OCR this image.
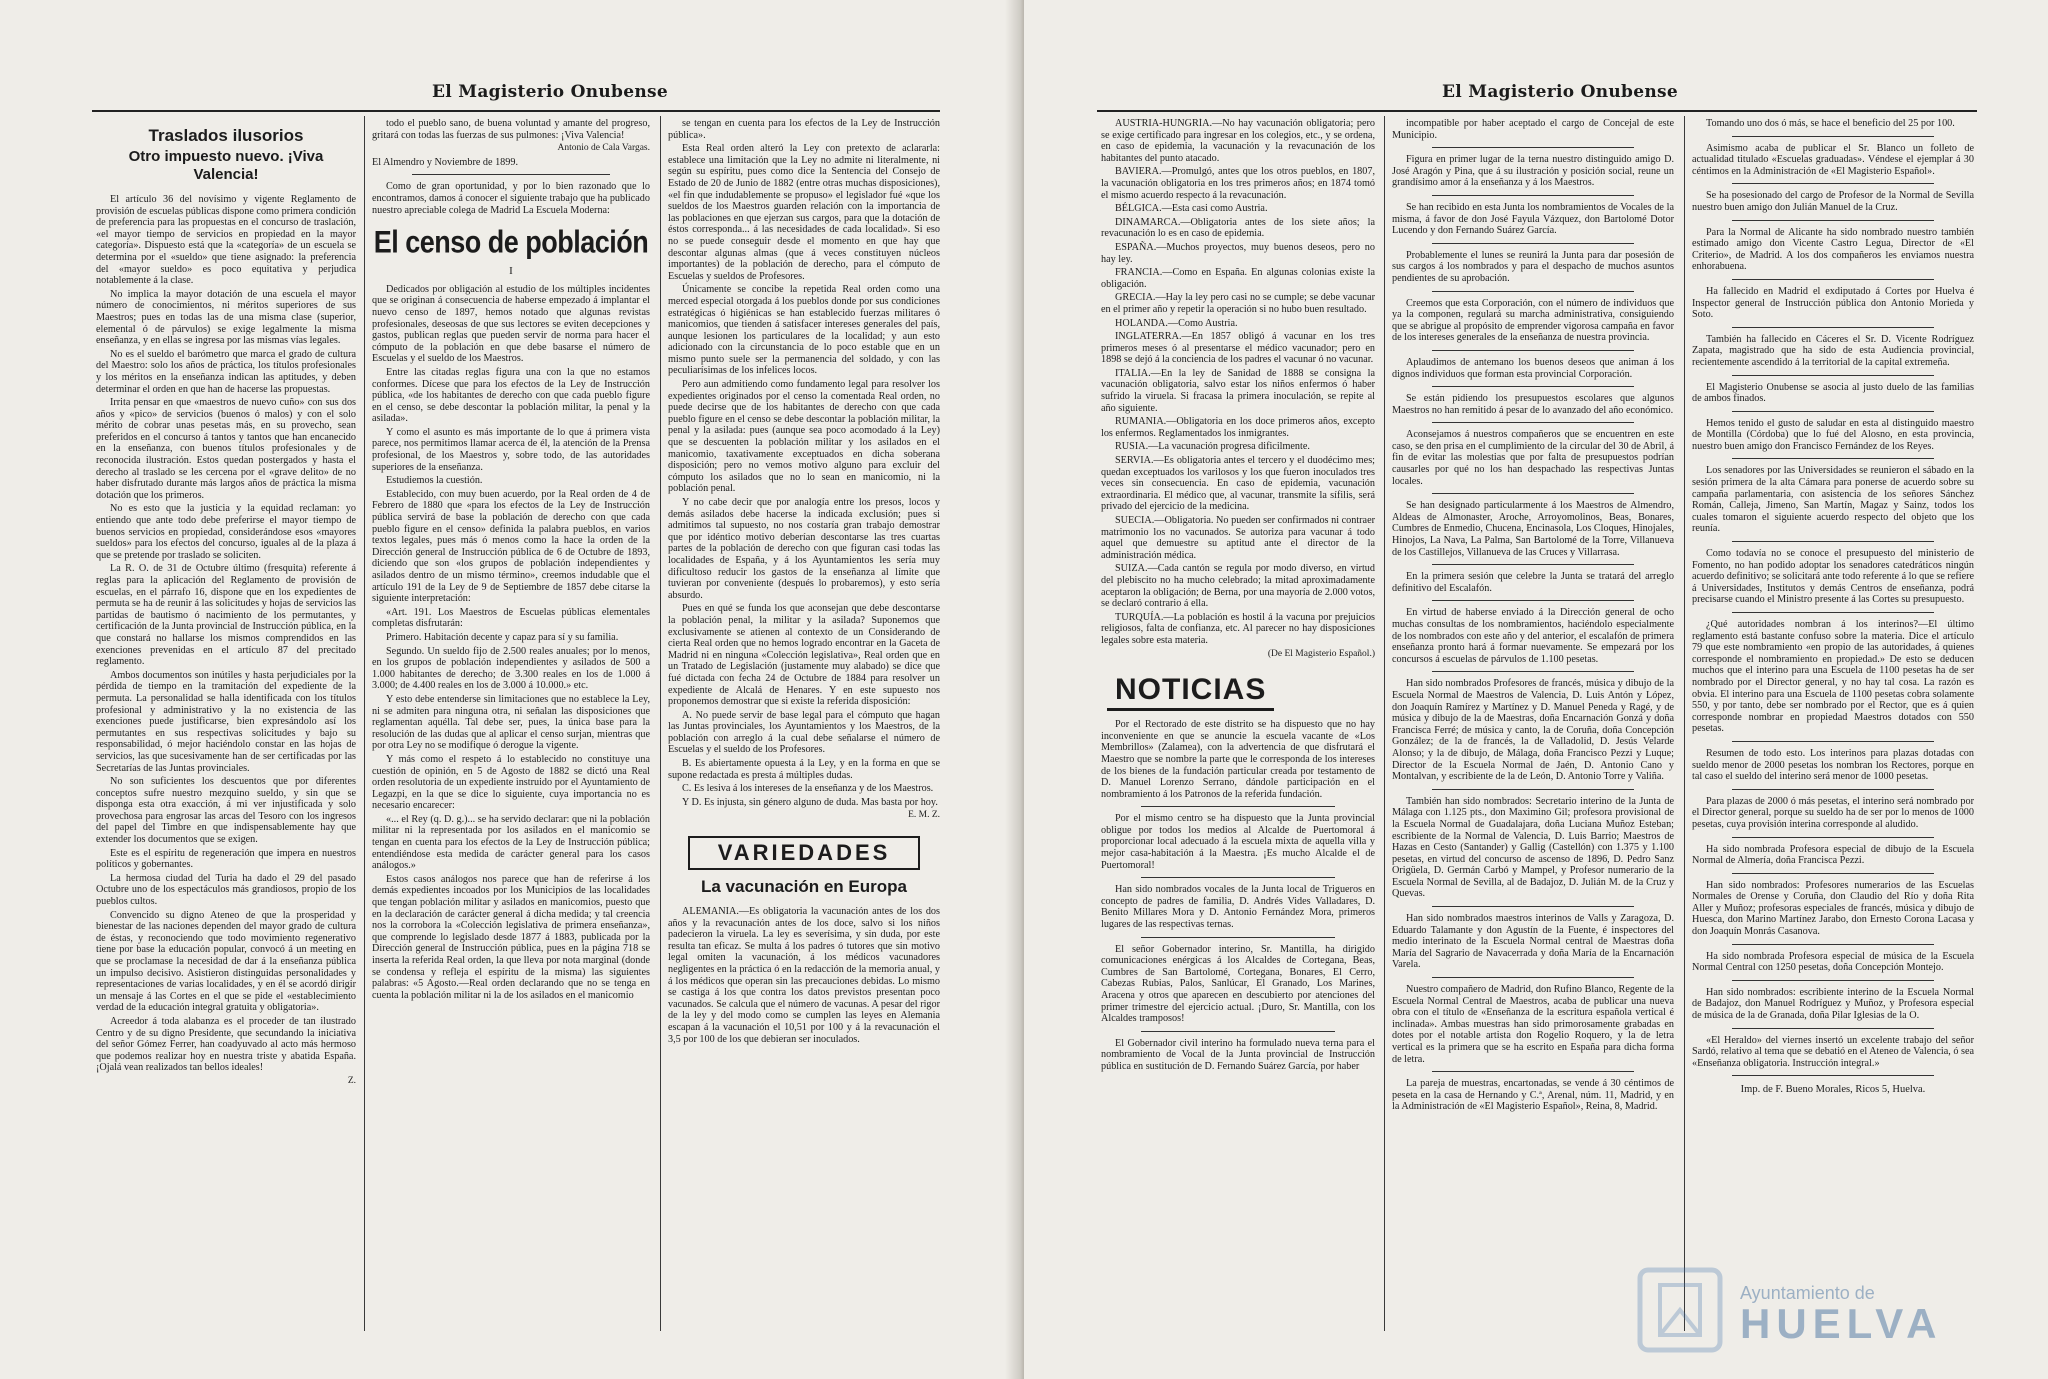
El Magisterio Onubense
Traslados ilusorios
Otro impuesto nuevo. ¡Viva Valencia!

El artículo 36 del novísimo y vigente Reglamento de provisión de escuelas públicas dispone como primera condición de preferencia para las propuestas en el concurso de traslación, «el mayor tiempo de servicios en propiedad en la mayor categoría». Dispuesto está que la «categoría» de un escuela se determina por el «sueldo» que tiene asignado: la preferencia del «mayor sueldo» es poco equitativa y perjudica notablemente á la clase.

No implica la mayor dotación de una escuela el mayor número de conocimientos, ni méritos superiores de sus Maestros; pues en todas las de una misma clase (superior, elemental ó de párvulos) se exige legalmente la misma enseñanza, y en ellas se ingresa por las mismas vías legales.

No es el sueldo el barómetro que marca el grado de cultura del Maestro: solo los años de práctica, los títulos profesionales y los méritos en la enseñanza indican las aptitudes, y deben determinar el orden en que han de hacerse las propuestas.

Irrita pensar en que «maestros de nuevo cuño» con sus dos años y «pico» de servicios (buenos ó malos) y con el solo mérito de cobrar unas pesetas más, en su provecho, sean preferidos en el concurso á tantos y tantos que han encanecido en la enseñanza, con buenos títulos profesionales y de reconocida ilustración. Estos quedan postergados y hasta el derecho al traslado se les cercena por el «grave delito» de no haber disfrutado durante más largos años de práctica la misma dotación que los primeros.

No es esto que la justicia y la equidad reclaman: yo entiendo que ante todo debe preferirse el mayor tiempo de buenos servicios en propiedad, considerándose esos «mayores sueldos» para los efectos del concurso, iguales al de la plaza á que se pretende por traslado se soliciten.

La R. O. de 31 de Octubre último (fresquita) referente á reglas para la aplicación del Reglamento de provisión de escuelas, en el párrafo 16, dispone que en los expedientes de permuta se ha de reunir á las solicitudes y hojas de servicios las partidas de bautismo ó nacimiento de los permutantes, y certificación de la Junta provincial de Instrucción pública, en la que constará no hallarse los mismos comprendidos en las exenciones prevenidas en el artículo 87 del precitado reglamento.

Ambos documentos son inútiles y hasta perjudiciales por la pérdida de tiempo en la tramitación del expediente de la permuta. La personalidad se halla identificada con los títulos profesional y administrativo y la no existencia de las exenciones puede justificarse, bien expresándolo así los permutantes en sus respectivas solicitudes y bajo su responsabilidad, ó mejor haciéndolo constar en las hojas de servicios, las que sucesivamente han de ser certificadas por las Secretarías de las Juntas provinciales.

No son suficientes los descuentos que por diferentes conceptos sufre nuestro mezquino sueldo, y sin que se disponga esta otra exacción, á mi ver injustificada y solo provechosa para engrosar las arcas del Tesoro con los ingresos del papel del Timbre en que indispensablemente hay que extender los documentos que se exigen.

Este es el espíritu de regeneración que impera en nuestros políticos y gobernantes.

La hermosa ciudad del Turia ha dado el 29 del pasado Octubre uno de los espectáculos más grandiosos, propio de los pueblos cultos.

Convencido su digno Ateneo de que la prosperidad y bienestar de las naciones dependen del mayor grado de cultura de éstas, y reconociendo que todo movimiento regenerativo tiene por base la educación popular, convocó á un meeting en que se proclamase la necesidad de dar á la enseñanza pública un impulso decisivo. Asistieron distinguidas personalidades y representaciones de varias localidades, y en él se acordó dirigir un mensaje á las Cortes en el que se pide el «establecimiento verdad de la educación integral gratuita y obligatoria».

Acreedor á toda alabanza es el proceder de tan ilustrado Centro y de su digno Presidente, que secundando la iniciativa del señor Gómez Ferrer, han coadyuvado al acto más hermoso que podemos realizar hoy en nuestra triste y abatida España. ¡Ojalá vean realizados tan bellos ideales!

Z.

todo el pueblo sano, de buena voluntad y amante del progreso, gritará con todas las fuerzas de sus pulmones: ¡Viva Valencia!

Antonio de Cala Vargas.

El Almendro y Noviembre de 1899.

Como de gran oportunidad, y por lo bien razonado que lo encontramos, damos á conocer el siguiente trabajo que ha publicado nuestro apreciable colega de Madrid La Escuela Moderna:

El censo de población
I

Dedicados por obligación al estudio de los múltiples incidentes que se originan á consecuencia de haberse empezado á implantar el nuevo censo de 1897, hemos notado que algunas revistas profesionales, deseosas de que sus lectores se eviten decepciones y gastos, publican reglas que pueden servir de norma para hacer el cómputo de la población en que debe basarse el número de Escuelas y el sueldo de los Maestros.

Entre las citadas reglas figura una con la que no estamos conformes. Dícese que para los efectos de la Ley de Instrucción pública, «de los habitantes de derecho con que cada pueblo figure en el censo, se debe descontar la población militar, la penal y la asilada».

Y como el asunto es más importante de lo que á primera vista parece, nos permitimos llamar acerca de él, la atención de la Prensa profesional, de los Maestros y, sobre todo, de las autoridades superiores de la enseñanza.

Estudiemos la cuestión.

Establecido, con muy buen acuerdo, por la Real orden de 4 de Febrero de 1880 que «para los efectos de la Ley de Instrucción pública servirá de base la población de derecho con que cada pueblo figure en el censo» definida la palabra pueblos, en varios textos legales, pues más ó menos como la hace la orden de la Dirección general de Instrucción pública de 6 de Octubre de 1893, diciendo que son «los grupos de población independientes y asilados dentro de un mismo término», creemos indudable que el artículo 191 de la Ley de 9 de Septiembre de 1857 debe citarse la siguiente interpretación:

«Art. 191. Los Maestros de Escuelas públicas elementales completas disfrutarán:

Primero. Habitación decente y capaz para sí y su familia.

Segundo. Un sueldo fijo de 2.500 reales anuales; por lo menos, en los grupos de población independientes y asilados de 500 a 1.000 habitantes de derecho; de 3.300 reales en los de 1.000 á 3.000; de 4.400 reales en los de 3.000 á 10.000.» etc.

Y esto debe entenderse sin limitaciones que no establece la Ley, ni se admiten para ninguna otra, ni señalan las disposiciones que reglamentan aquélla. Tal debe ser, pues, la única base para la resolución de las dudas que al aplicar el censo surjan, mientras que por otra Ley no se modifique ó derogue la vigente.

Y más como el respeto á lo establecido no constituye una cuestión de opinión, en 5 de Agosto de 1882 se dictó una Real orden resolutoria de un expediente instruido por el Ayuntamiento de Legazpi, en la que se dice lo siguiente, cuya importancia no es necesario encarecer:

«... el Rey (q. D. g.)... se ha servido declarar: que ni la población militar ni la representada por los asilados en el manicomio se tengan en cuenta para los efectos de la Ley de Instrucción pública; entendiéndose esta medida de carácter general para los casos análogos.»

Estos casos análogos nos parece que han de referirse á los demás expedientes incoados por los Municipios de las localidades que tengan población militar y asilados en manicomios, puesto que en la declaración de carácter general á dicha medida; y tal creencia nos la corrobora la «Colección legislativa de primera enseñanza», que comprende lo legislado desde 1877 á 1883, publicada por la Dirección general de Instrucción pública, pues en la página 718 se inserta la referida Real orden, la que lleva por nota marginal (donde se condensa y refleja el espíritu de la misma) las siguientes palabras: «5 Agosto.—Real orden declarando que no se tenga en cuenta la población militar ni la de los asilados en el manicomio

se tengan en cuenta para los efectos de la Ley de Instrucción pública».

Esta Real orden alteró la Ley con pretexto de aclararla: establece una limitación que la Ley no admite ni literalmente, ni según su espíritu, pues como dice la Sentencia del Consejo de Estado de 20 de Junio de 1882 (entre otras muchas disposiciones), «el fin que indudablemente se propuso» el legislador fué «que los sueldos de los Maestros guarden relación con la importancia de las poblaciones en que ejerzan sus cargos, para que la dotación de éstos corresponda... á las necesidades de cada localidad». Si eso no se puede conseguir desde el momento en que hay que descontar algunas almas (que á veces constituyen núcleos importantes) de la población de derecho, para el cómputo de Escuelas y sueldos de Profesores.

Únicamente se concibe la repetida Real orden como una merced especial otorgada á los pueblos donde por sus condiciones estratégicas ó higiénicas se han establecido fuerzas militares ó manicomios, que tienden á satisfacer intereses generales del país, aunque lesionen los particulares de la localidad; y aun esto adicionado con la circunstancia de lo poco estable que en un mismo punto suele ser la permanencia del soldado, y con las peculiarísimas de los infelices locos.

Pero aun admitiendo como fundamento legal para resolver los expedientes originados por el censo la comentada Real orden, no puede decirse que de los habitantes de derecho con que cada pueblo figure en el censo se debe descontar la población militar, la penal y la asilada: pues (aunque sea poco acomodado á la Ley) que se descuenten la población militar y los asilados en el manicomio, taxativamente exceptuados en dicha soberana disposición; pero no vemos motivo alguno para excluir del cómputo los asilados que no lo sean en manicomio, ni la población penal.

Y no cabe decir que por analogía entre los presos, locos y demás asilados debe hacerse la indicada exclusión; pues si admitimos tal supuesto, no nos costaría gran trabajo demostrar que por idéntico motivo deberían descontarse las tres cuartas partes de la población de derecho con que figuran casi todas las localidades de España, y á los Ayuntamientos les sería muy dificultoso reducir los gastos de la enseñanza al límite que tuvieran por conveniente (después lo probaremos), y esto sería absurdo.

Pues en qué se funda los que aconsejan que debe descontarse la población penal, la militar y la asilada? Suponemos que exclusivamente se atienen al contexto de un Considerando de cierta Real orden que no hemos logrado encontrar en la Gaceta de Madrid ni en ninguna «Colección legislativa», Real orden que en un Tratado de Legislación (justamente muy alabado) se dice que fué dictada con fecha 24 de Octubre de 1884 para resolver un expediente de Alcalá de Henares. Y en este supuesto nos proponemos demostrar que si existe la referida disposición:

A. No puede servir de base legal para el cómputo que hagan las Juntas provinciales, los Ayuntamientos y los Maestros, de la población con arreglo á la cual debe señalarse el número de Escuelas y el sueldo de los Profesores.

B. Es abiertamente opuesta á la Ley, y en la forma en que se supone redactada es presta á múltiples dudas.

C. Es lesiva á los intereses de la enseñanza y de los Maestros.

Y D. Es injusta, sin género alguno de duda. Mas basta por hoy.

E. M. Z.
VARIEDADES
La vacunación en Europa

ALEMANIA.—Es obligatoria la vacunación antes de los dos años y la revacunación antes de los doce, salvo si los niños padecieron la viruela. La ley es severísima, y sin duda, por este resulta tan eficaz. Se multa á los padres ó tutores que sin motivo legal omiten la vacunación, á los médicos vacunadores negligentes en la práctica ó en la redacción de la memoria anual, y á los médicos que operan sin las precauciones debidas. Lo mismo se castiga á los que contra los datos previstos presentan poco vacunados. Se calcula que el número de vacunas. A pesar del rigor de la ley y del modo como se cumplen las leyes en Alemania escapan á la vacunación el 10,51 por 100 y á la revacunación el 3,5 por 100 de los que debieran ser inoculados.

El Magisterio Onubense

AUSTRIA-HUNGRÍA.—No hay vacunación obligatoria; pero se exige certificado para ingresar en los colegios, etc., y se ordena, en caso de epidemia, la vacunación y la revacunación de los habitantes del punto atacado.

BAVIERA.—Promulgó, antes que los otros pueblos, en 1807, la vacunación obligatoria en los tres primeros años; en 1874 tomó el mismo acuerdo respecto á la revacunación.

BÉLGICA.—Esta casi como Austria.

DINAMARCA.—Obligatoria antes de los siete años; la revacunación lo es en caso de epidemia.

ESPAÑA.—Muchos proyectos, muy buenos deseos, pero no hay ley.

FRANCIA.—Como en España. En algunas colonias existe la obligación.

GRECIA.—Hay la ley pero casi no se cumple; se debe vacunar en el primer año y repetir la operación si no hubo buen resultado.

HOLANDA.—Como Austria.

INGLATERRA.—En 1857 obligó á vacunar en los tres primeros meses ó al presentarse el médico vacunador; pero en 1898 se dejó á la conciencia de los padres el vacunar ó no vacunar.

ITALIA.—En la ley de Sanidad de 1888 se consigna la vacunación obligatoria, salvo estar los niños enfermos ó haber sufrido la viruela. Si fracasa la primera inoculación, se repite al año siguiente.

RUMANIA.—Obligatoria en los doce primeros años, excepto los enfermos. Reglamentados los inmigrantes.

RUSIA.—La vacunación progresa dificilmente.

SERVIA.—Es obligatoria antes el tercero y el duodécimo mes; quedan exceptuados los varilosos y los que fueron inoculados tres veces sin consecuencia. En caso de epidemia, vacunación extraordinaria. El médico que, al vacunar, transmite la sífilis, será privado del ejercicio de la medicina.

SUECIA.—Obligatoria. No pueden ser confirmados ni contraer matrimonio los no vacunados. Se autoriza para vacunar á todo aquel que demuestre su aptitud ante el director de la administración médica.

SUIZA.—Cada cantón se regula por modo diverso, en virtud del plebiscito no ha mucho celebrado; la mitad aproximadamente aceptaron la obligación; de Berna, por una mayoría de 2.000 votos, se declaró contrario á ella.

TURQUÍA.—La población es hostil á la vacuna por prejuicios religiosos, falta de confianza, etc. Al parecer no hay disposiciones legales sobre esta materia.

(De El Magisterio Español.)
NOTICIAS

Por el Rectorado de este distrito se ha dispuesto que no hay inconveniente en que se anuncie la escuela vacante de «Los Membrillos» (Zalamea), con la advertencia de que disfrutará el Maestro que se nombre la parte que le corresponda de los intereses de los bienes de la fundación particular creada por testamento de D. Manuel Lorenzo Serrano, dándole participación en el nombramiento á los Patronos de la referida fundación.

Por el mismo centro se ha dispuesto que la Junta provincial obligue por todos los medios al Alcalde de Puertomoral á proporcionar local adecuado á la escuela mixta de aquella villa y mejor casa-habitación á la Maestra. ¡Es mucho Alcalde el de Puertomoral!

Han sido nombrados vocales de la Junta local de Trigueros en concepto de padres de familia, D. Andrés Vides Valladares, D. Benito Millares Mora y D. Antonio Fernández Mora, primeros lugares de las respectivas ternas.

El señor Gobernador interino, Sr. Mantilla, ha dirigido comunicaciones enérgicas á los Alcaldes de Cortegana, Beas, Cumbres de San Bartolomé, Cortegana, Bonares, El Cerro, Cabezas Rubias, Palos, Sanlúcar, El Granado, Los Marines, Aracena y otros que aparecen en descubierto por atenciones del primer trimestre del ejercicio actual. ¡Duro, Sr. Mantilla, con los Alcaldes tramposos!

El Gobernador civil interino ha formulado nueva terna para el nombramiento de Vocal de la Junta provincial de Instrucción pública en sustitución de D. Fernando Suárez García, por haber

incompatible por haber aceptado el cargo de Concejal de este Municipio.

Figura en primer lugar de la terna nuestro distinguido amigo D. José Aragón y Pina, que á su ilustración y posición social, reune un grandísimo amor á la enseñanza y á los Maestros.

Se han recibido en esta Junta los nombramientos de Vocales de la misma, á favor de don José Fayula Vázquez, don Bartolomé Dotor Lucendo y don Fernando Suárez García.

Probablemente el lunes se reunirá la Junta para dar posesión de sus cargos á los nombrados y para el despacho de muchos asuntos pendientes de su aprobación.

Creemos que esta Corporación, con el número de individuos que ya la componen, regulará su marcha administrativa, consiguiendo que se abrigue al propósito de emprender vigorosa campaña en favor de los intereses generales de la enseñanza de nuestra provincia.

Aplaudimos de antemano los buenos deseos que animan á los dignos individuos que forman esta provincial Corporación.

Se están pidiendo los presupuestos escolares que algunos Maestros no han remitido á pesar de lo avanzado del año económico.

Aconsejamos á nuestros compañeros que se encuentren en este caso, se den prisa en el cumplimiento de la circular del 30 de Abril, á fin de evitar las molestias que por falta de presupuestos podrían causarles por qué no los han despachado las respectivas Juntas locales.

Se han designado particularmente á los Maestros de Almendro, Aldeas de Almonaster, Aroche, Arroyomolinos, Beas, Bonares, Cumbres de Enmedio, Chucena, Encinasola, Los Cloques, Hinojales, Hinojos, La Nava, La Palma, San Bartolomé de la Torre, Villanueva de los Castillejos, Villanueva de las Cruces y Villarrasa.

En la primera sesión que celebre la Junta se tratará del arreglo definitivo del Escalafón.

En virtud de haberse enviado á la Dirección general de ocho muchas consultas de los nombramientos, haciéndolo especialmente de los nombrados con este año y del anterior, el escalafón de primera enseñanza pronto hará á formar nuevamente. Se empezará por los concursos á escuelas de párvulos de 1.100 pesetas.

Han sido nombrados Profesores de francés, música y dibujo de la Escuela Normal de Maestros de Valencia, D. Luis Antón y López, don Joaquín Ramírez y Martínez y D. Manuel Peneda y Ragé, y de música y dibujo de la de Maestras, doña Encarnación Gonzá y doña Francisca Ferré; de música y canto, la de Coruña, doña Concepción González; de la de francés, la de Valladolid, D. Jesús Velarde Alonso; y la de dibujo, de Málaga, doña Francisco Pezzi y Luque; Director de la Escuela Normal de Jaén, D. Antonio Cano y Montalvan, y escribiente de la de León, D. Antonio Torre y Valiña.

También han sido nombrados: Secretario interino de la Junta de Málaga con 1.125 pts., don Maximino Gil; profesora provisional de la Escuela Normal de Guadalajara, doña Luciana Muñoz Esteban; escribiente de la Normal de Valencia, D. Luis Barrio; Maestros de Hazas en Cesto (Santander) y Gallig (Castellón) con 1.375 y 1.100 pesetas, en virtud del concurso de ascenso de 1896, D. Pedro Sanz Origüela, D. Germán Carbó y Mampel, y Profesor numerario de la Escuela Normal de Sevilla, al de Badajoz, D. Julián M. de la Cruz y Quevas.

Han sido nombrados maestros interinos de Valls y Zaragoza, D. Eduardo Talamante y don Agustín de la Fuente, é inspectores del medio interinato de la Escuela Normal central de Maestras doña María del Sagrario de Navacerrada y doña María de la Encarnación Varela.

Nuestro compañero de Madrid, don Rufino Blanco, Regente de la Escuela Normal Central de Maestros, acaba de publicar una nueva obra con el título de «Enseñanza de la escritura española vertical é inclinada». Ambas muestras han sido primorosamente grabadas en dotes por el notable artista don Rogelio Roquero, y la de letra vertical es la primera que se ha escrito en España para dicha forma de letra.

La pareja de muestras, encartonadas, se vende á 30 céntimos de peseta en la casa de Hernando y C.ª, Arenal, núm. 11, Madrid, y en la Administración de «El Magisterio Español», Reina, 8, Madrid.

Tomando uno dos ó más, se hace el beneficio del 25 por 100.

Asimismo acaba de publicar el Sr. Blanco un folleto de actualidad titulado «Escuelas graduadas». Véndese el ejemplar á 30 céntimos en la Administración de «El Magisterio Español».

Se ha posesionado del cargo de Profesor de la Normal de Sevilla nuestro buen amigo don Julián Manuel de la Cruz.

Para la Normal de Alicante ha sido nombrado nuestro también estimado amigo don Vicente Castro Legua, Director de «El Criterio», de Madrid. A los dos compañeros les enviamos nuestra enhorabuena.

Ha fallecido en Madrid el exdiputado á Cortes por Huelva é Inspector general de Instrucción pública don Antonio Morieda y Soto.

También ha fallecido en Cáceres el Sr. D. Vicente Rodríguez Zapata, magistrado que ha sido de esta Audiencia provincial, recientemente ascendido á la territorial de la capital extremeña.

El Magisterio Onubense se asocia al justo duelo de las familias de ambos finados.

Hemos tenido el gusto de saludar en esta al distinguido maestro de Montilla (Córdoba) que lo fué del Alosno, en esta provincia, nuestro buen amigo don Francisco Fernández de los Reyes.

Los senadores por las Universidades se reunieron el sábado en la sesión primera de la alta Cámara para ponerse de acuerdo sobre su campaña parlamentaria, con asistencia de los señores Sánchez Román, Calleja, Jimeno, San Martín, Magaz y Sainz, todos los cuales tomaron el siguiente acuerdo respecto del objeto que los reunía.

Como todavía no se conoce el presupuesto del ministerio de Fomento, no han podido adoptar los senadores catedráticos ningún acuerdo definitivo; se solicitará ante todo referente á lo que se refiere á Universidades, Institutos y demás Centros de enseñanza, podrá precisarse cuando el Ministro presente á las Cortes su presupuesto.

¿Qué autoridades nombran á los interinos?—El último reglamento está bastante confuso sobre la materia. Dice el artículo 79 que este nombramiento «en propio de las autoridades, á quienes corresponde el nombramiento en propiedad.» De esto se deducen muchos que el interino para una Escuela de 1100 pesetas ha de ser nombrado por el Director general, y no hay tal cosa. La razón es obvia. El interino para una Escuela de 1100 pesetas cobra solamente 550, y por tanto, debe ser nombrado por el Rector, que es á quien corresponde nombrar en propiedad Maestros dotados con 550 pesetas.

Resumen de todo esto. Los interinos para plazas dotadas con sueldo menor de 2000 pesetas los nombran los Rectores, porque en tal caso el sueldo del interino será menor de 1000 pesetas.

Para plazas de 2000 ó más pesetas, el interino será nombrado por el Director general, porque su sueldo ha de ser por lo menos de 1000 pesetas, cuya provisión interina corresponde al aludido.

Ha sido nombrada Profesora especial de dibujo de la Escuela Normal de Almería, doña Francisca Pezzi.

Han sido nombrados: Profesores numerarios de las Escuelas Normales de Orense y Coruña, don Claudio del Río y doña Rita Aller y Muñoz; profesoras especiales de francés, música y dibujo de Huesca, don Marino Martínez Jarabo, don Ernesto Corona Lacasa y don Joaquín Monrás Casanova.

Ha sido nombrada Profesora especial de música de la Escuela Normal Central con 1250 pesetas, doña Concepción Montejo.

Han sido nombrados: escribiente interino de la Escuela Normal de Badajoz, don Manuel Rodríguez y Muñoz, y Profesora especial de música de la de Granada, doña Pilar Iglesias de la O.

«El Heraldo» del viernes insertó un excelente trabajo del señor Sardó, relativo al tema que se debatió en el Ateneo de Valencia, ó sea «Enseñanza obligatoria. Instrucción integral.»

Imp. de F. Bueno Morales, Ricos 5, Huelva.
Ayuntamiento de
HUELVA
